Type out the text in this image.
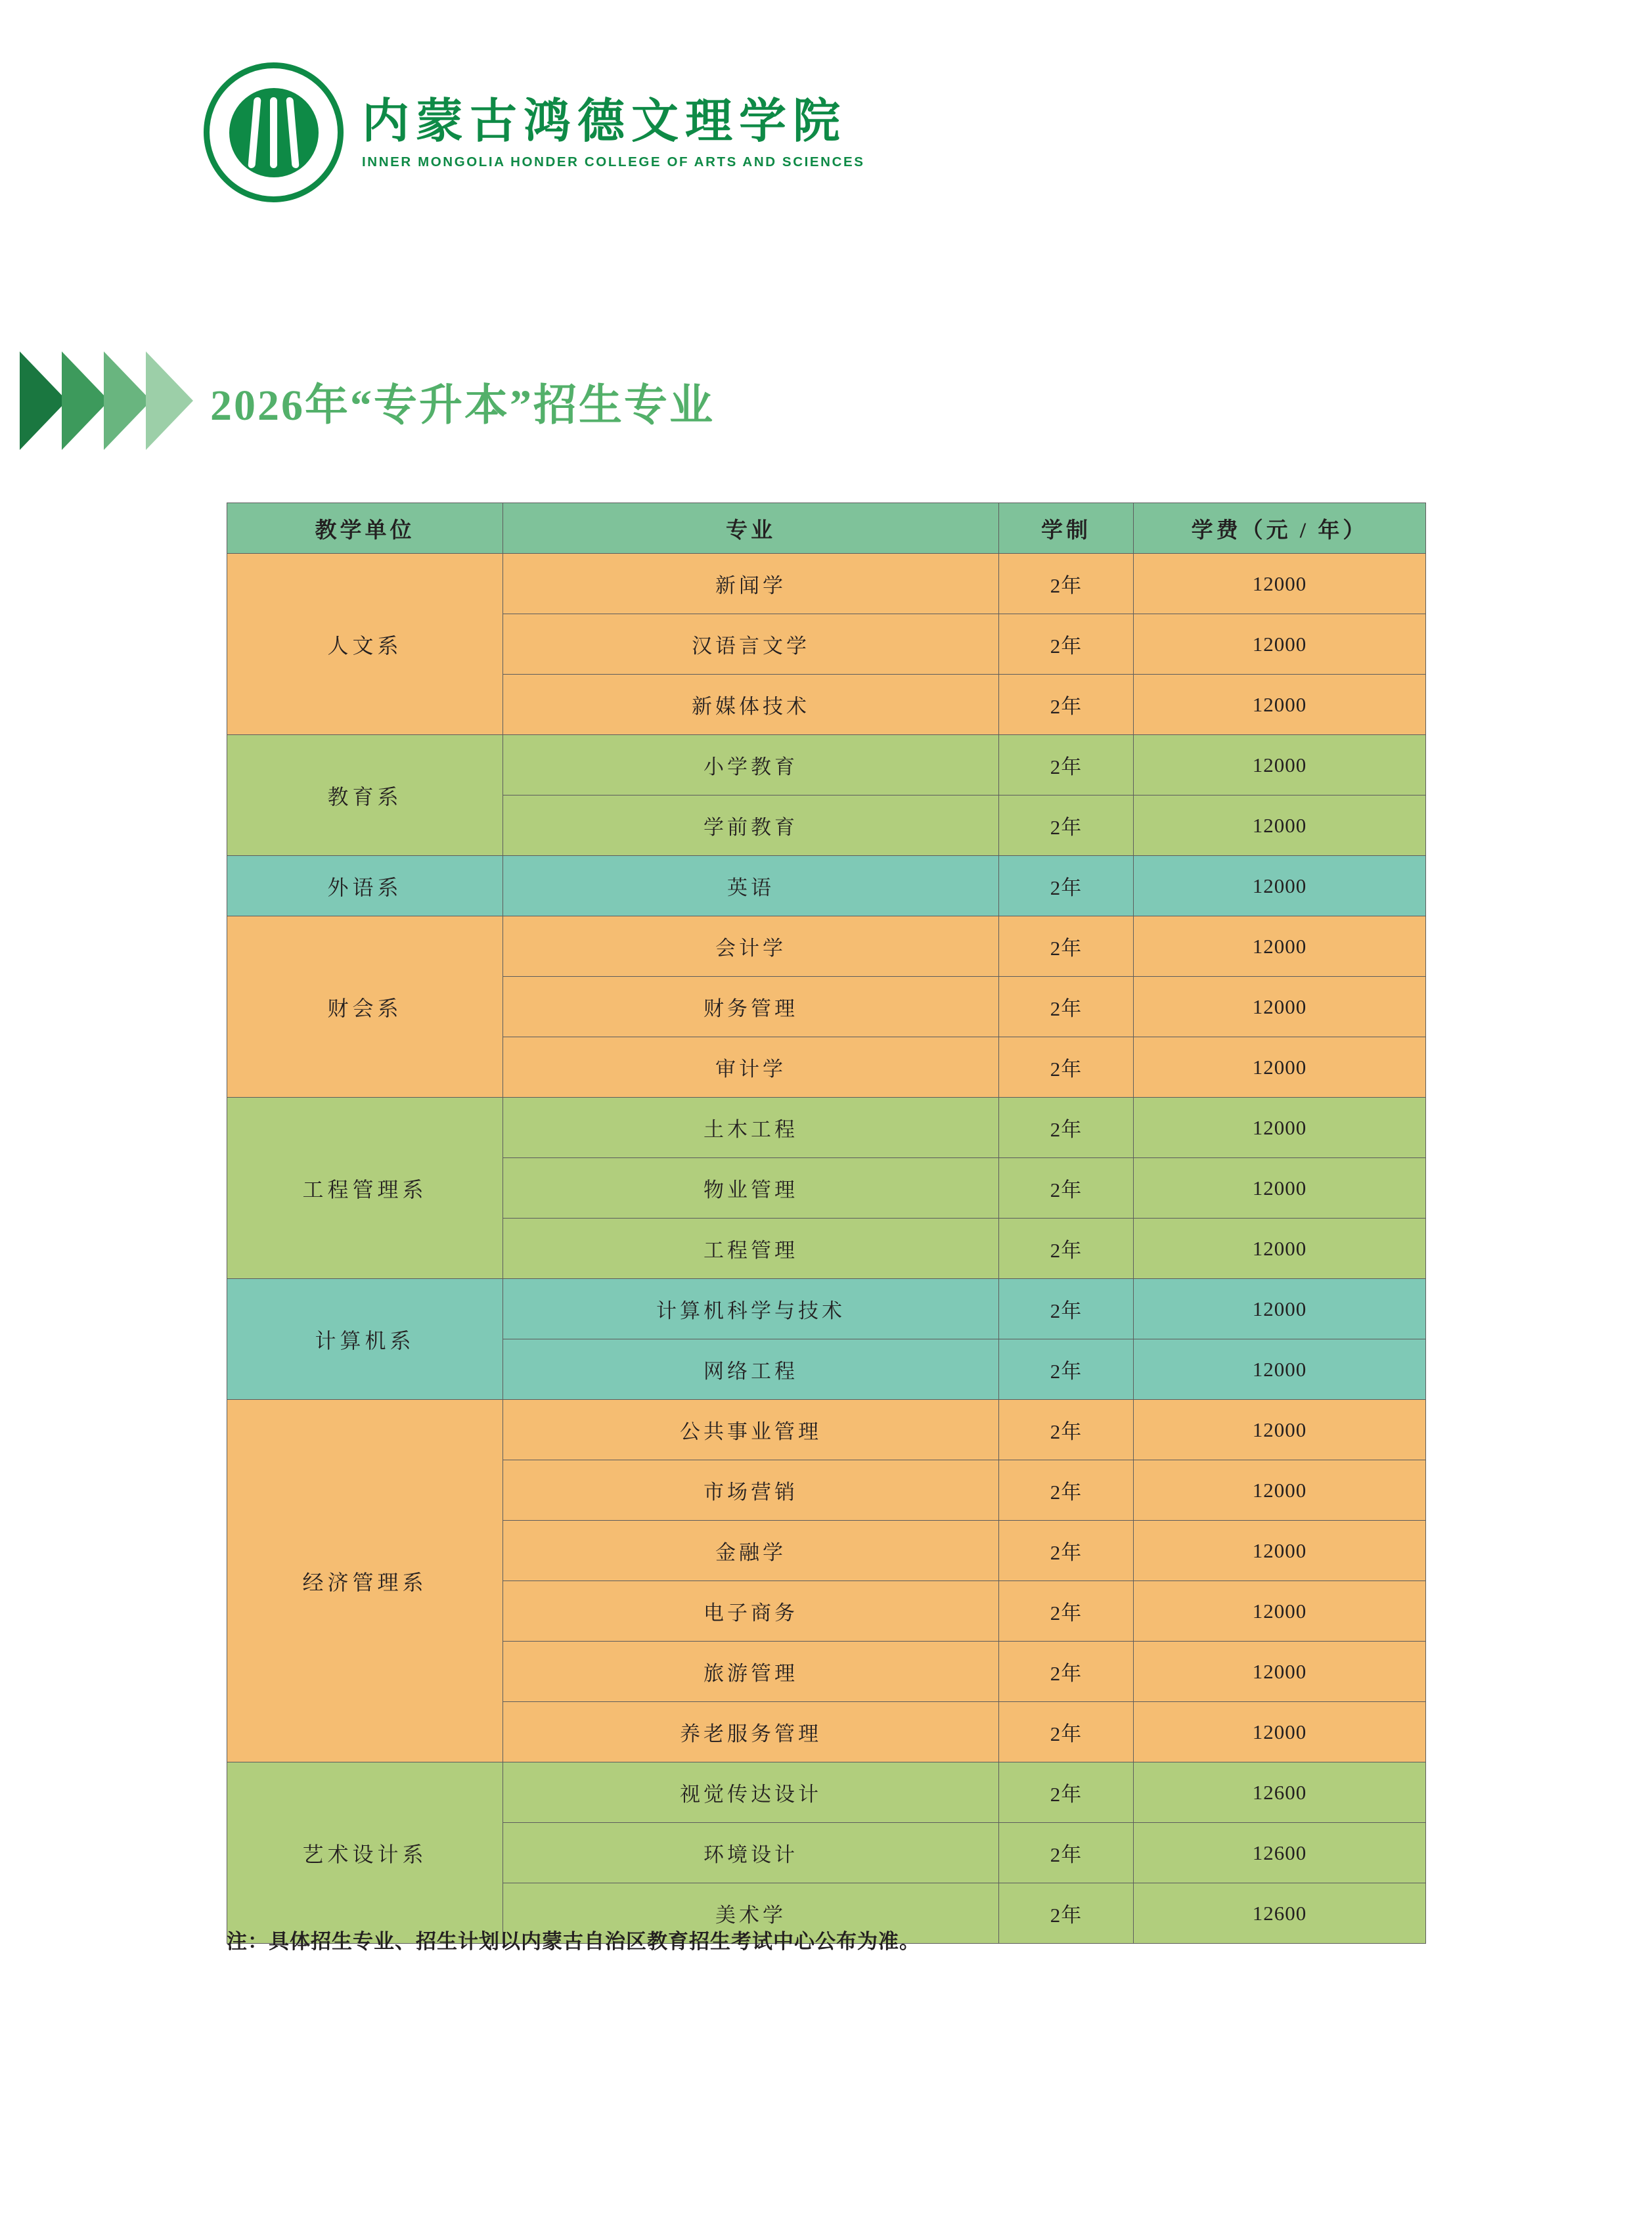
内蒙古鸿德文理学院
INNER MONGOLIA HONDER COLLEGE OF ARTS AND SCIENCES
2026年“专升本”招生专业
教学单位	专业	学制	学费（元 / 年）
人文系	新闻学	2年	12000
	汉语言文学	2年	12000
	新媒体技术	2年	12000
教育系	小学教育	2年	12000
	学前教育	2年	12000
外语系	英语	2年	12000
财会系	会计学	2年	12000
	财务管理	2年	12000
	审计学	2年	12000
工程管理系	土木工程	2年	12000
	物业管理	2年	12000
	工程管理	2年	12000
计算机系	计算机科学与技术	2年	12000
	网络工程	2年	12000
经济管理系	公共事业管理	2年	12000
	市场营销	2年	12000
	金融学	2年	12000
	电子商务	2年	12000
	旅游管理	2年	12000
	养老服务管理	2年	12000
艺术设计系	视觉传达设计	2年	12600
	环境设计	2年	12600
	美术学	2年	12600
注：具体招生专业、招生计划以内蒙古自治区教育招生考试中心公布为准。
